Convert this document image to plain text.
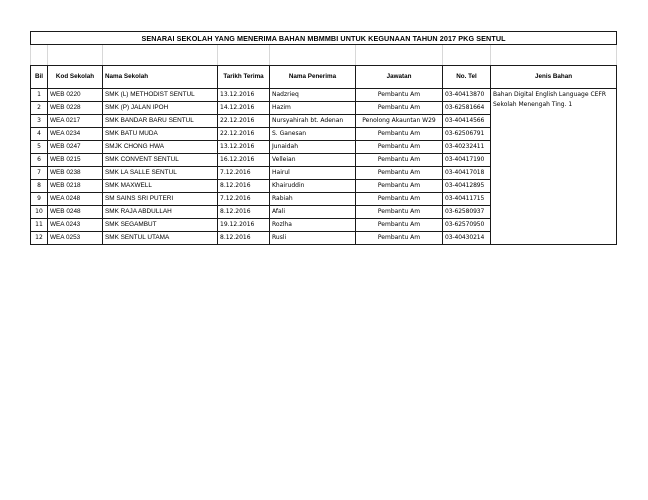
SENARAI SEKOLAH YANG MENERIMA BAHAN MBMMBI UNTUK KEGUNAAN TAHUN 2017 PKG SENTUL							

Bil	Kod Sekolah	Nama Sekolah	Tarikh Terima	Nama Penerima	Jawatan	No. Tel	Jenis Bahan
1	WEB 0220	SMK (L) METHODIST SENTUL	13.12.2016	Nadzrieq	Pembantu Am	03-40413870	Bahan Digital English Language CEFR Sekolah Menengah Ting. 1
2	WEB 0228	SMK (P) JALAN IPOH	14.12.2016	Hazim	Pembantu Am	03-62581664	
3	WEA 0217	SMK BANDAR BARU SENTUL	22.12.2016	Nursyahirah bt. Adenan	Penolong Akauntan W29	03-40414566	
4	WEA 0234	SMK BATU MUDA	22.12.2016	S. Ganesan	Pembantu Am	03-62506791	
5	WEB 0247	SMJK CHONG HWA	13.12.2016	Junaidah	Pembantu Am	03-40232411	
6	WEB 0215	SMK CONVENT SENTUL	16.12.2016	Velleian	Pembantu Am	03-40417190	
7	WEB 0238	SMK LA SALLE SENTUL	7.12.2016	Hairul	Pembantu Am	03-40417018	
8	WEB 0218	SMK MAXWELL	8.12.2016	Khairuddin	Pembantu Am	03-40412895	
9	WEA 0248	SM SAINS SRI PUTERI	7.12.2016	Rabiah	Pembantu Am	03-40411715	
10	WEB 0248	SMK RAJA ABDULLAH	8.12.2016	Afali	Pembantu Am	03-62580937	
11	WEA 0243	SMK SEGAMBUT	19.12.2016	Rozlha	Pembantu Am	03-62570950	
12	WEA 0253	SMK SENTUL UTAMA	8.12.2016	Rusli	Pembantu Am	03-40430214	
